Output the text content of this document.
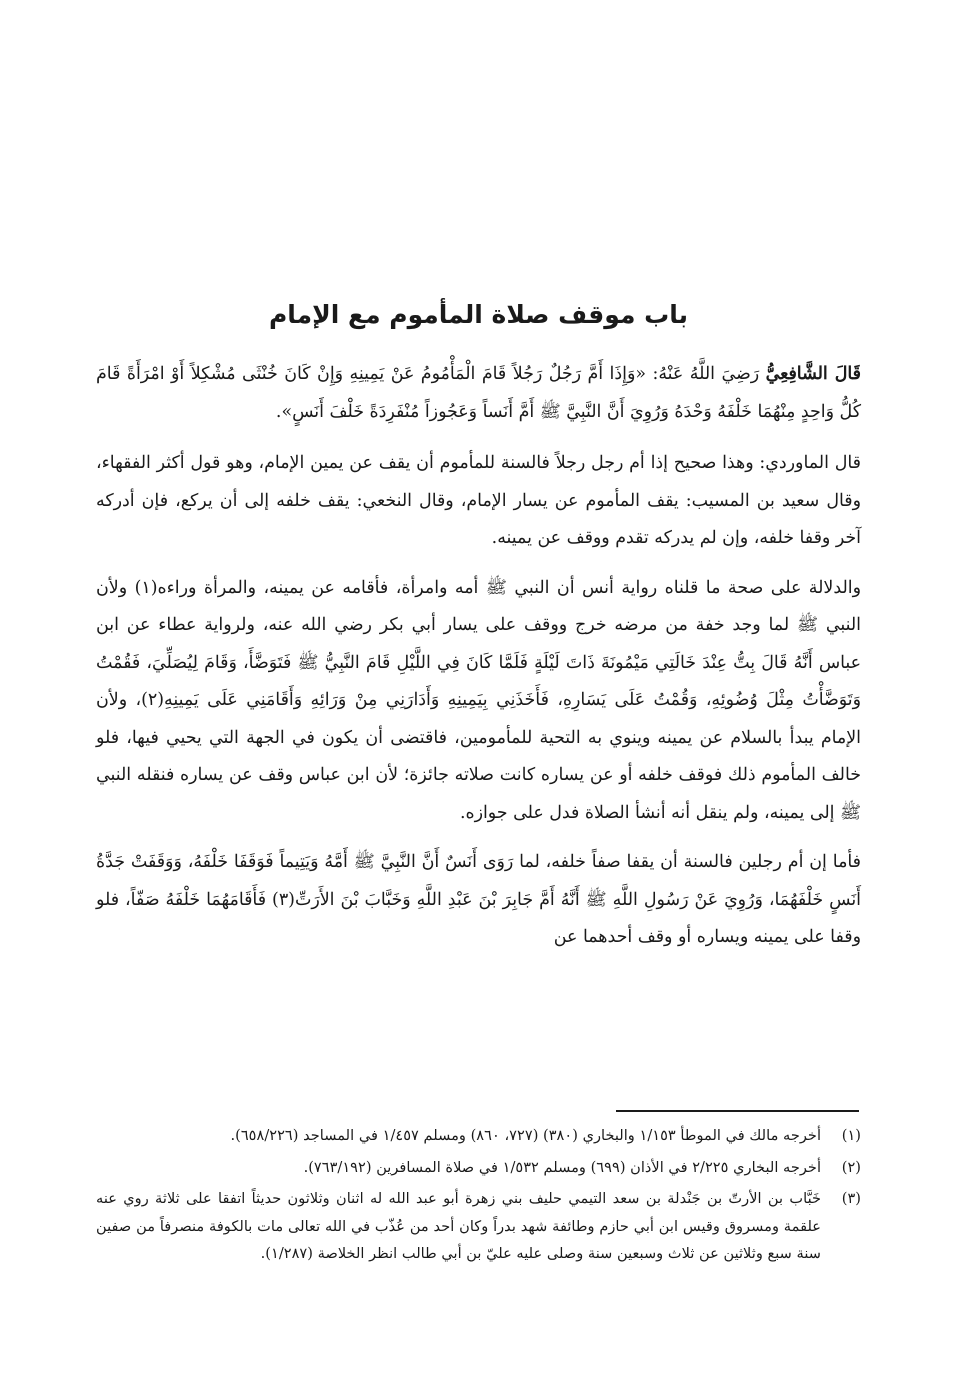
باب موقف صلاة المأموم مع الإمام

قَالَ الشَّافِعِيُّ رَضِيَ اللَّهُ عَنْهُ: «وَإِذَا أَمَّ رَجُلٌ رَجُلاً قَامَ الْمَأْمُومُ عَنْ يَمِينِهِ وَإِنْ كَانَ خُنْثَى مُشْكِلاً أَوْ امْرَأَةً قَامَ كُلُّ وَاحِدٍ مِنْهُمَا خَلْفَهُ وَحْدَهُ وَرُوِيَ أَنَّ النَّبِيَّ ﷺ أَمَّ أَنَساً وَعَجُوزاً مُنْفَرِدَةً خَلْفَ أَنَسٍ».

قال الماوردي: وهذا صحيح إذا أم رجل رجلاً فالسنة للمأموم أن يقف عن يمين الإمام، وهو قول أكثر الفقهاء، وقال سعيد بن المسيب: يقف المأموم عن يسار الإمام، وقال النخعي: يقف خلفه إلى أن يركع، فإن أدركه آخر وقفا خلفه، وإن لم يدركه تقدم ووقف عن يمينه.

والدلالة على صحة ما قلناه رواية أنس أن النبي ﷺ أمه وامرأة، فأقامه عن يمينه، والمرأة وراءه(١) ولأن النبي ﷺ لما وجد خفة من مرضه خرج ووقف على يسار أبي بكر رضي الله عنه، ولرواية عطاء عن ابن عباس أَنَّهُ قَالَ بِتُّ عِنْدَ خَالَتِي مَيْمُونَةَ ذَاتَ لَيْلَةٍ فَلَمَّا كَانَ فِي اللَّيْلِ قَامَ النَّبِيُّ ﷺ فَتَوَضَّأَ، وَقَامَ لِيُصَلِّيَ، فَقُمْتُ وَتَوَضَّأْتُ مِثْلَ وُضُوئِهِ، وَقُمْتُ عَلَى يَسَارِهِ، فَأَخَذَنِي بِيَمِينِهِ وَأَدَارَنِي مِنْ وَرَائِهِ وَأَقَامَنِي عَلَى يَمِينِهِ(٢)، ولأن الإمام يبدأ بالسلام عن يمينه وينوي به التحية للمأمومين، فاقتضى أن يكون في الجهة التي يحيي فيها، فلو خالف المأموم ذلك فوقف خلفه أو عن يساره كانت صلاته جائزة؛ لأن ابن عباس وقف عن يساره فنقله النبي ﷺ إلى يمينه، ولم ينقل أنه أنشأ الصلاة فدل على جوازه.

فأما إن أم رجلين فالسنة أن يقفا صفاً خلفه، لما رَوَى أَنَسٌ أَنَّ النَّبِيَّ ﷺ أَمَّهُ وَيَتِيماً فَوَقَفَا خَلْفَهُ، وَوَقَفَتْ جَدَّةُ أَنَسٍ خَلْفَهُمَا، وَرُوِيَ عَنْ رَسُولِ اللَّهِ ﷺ أَنَّهُ أَمَّ جَابِرَ بْنَ عَبْدِ اللَّهِ وَخَبَّابَ بْنَ الأَرَتِّ(٣) فَأَقَامَهُمَا خَلْفَهُ صَفّاً، فلو وقفا على يمينه ويساره أو وقف أحدهما عن

(١)
أخرجه مالك في الموطأ ١/١٥٣ والبخاري (٣٨٠) (٧٢٧، ٨٦٠) ومسلم ١/٤٥٧ في المساجد (٦٥٨/٢٢٦).
(٢)
أخرجه البخاري ٢/٢٢٥ في الأذان (٦٩٩) ومسلم ١/٥٣٢ في صلاة المسافرين (٧٦٣/١٩٢).
(٣)
خَبَّاب بن الأرتّ بن جَنْدلة بن سعد التيمي حليف بني زهرة أبو عبد الله له اثنان وثلاثون حديثاً اتفقا على ثلاثة روي عنه علقمة ومسروق وقيس ابن أبي حازم وطائفة شهد بدراً وكان أحد من عُذّب في الله تعالى مات بالكوفة منصرفاً من صفين سنة سبع وثلاثين عن ثلاث وسبعين سنة وصلى عليه عليّ بن أبي طالب انظر الخلاصة (١/٢٨٧).
